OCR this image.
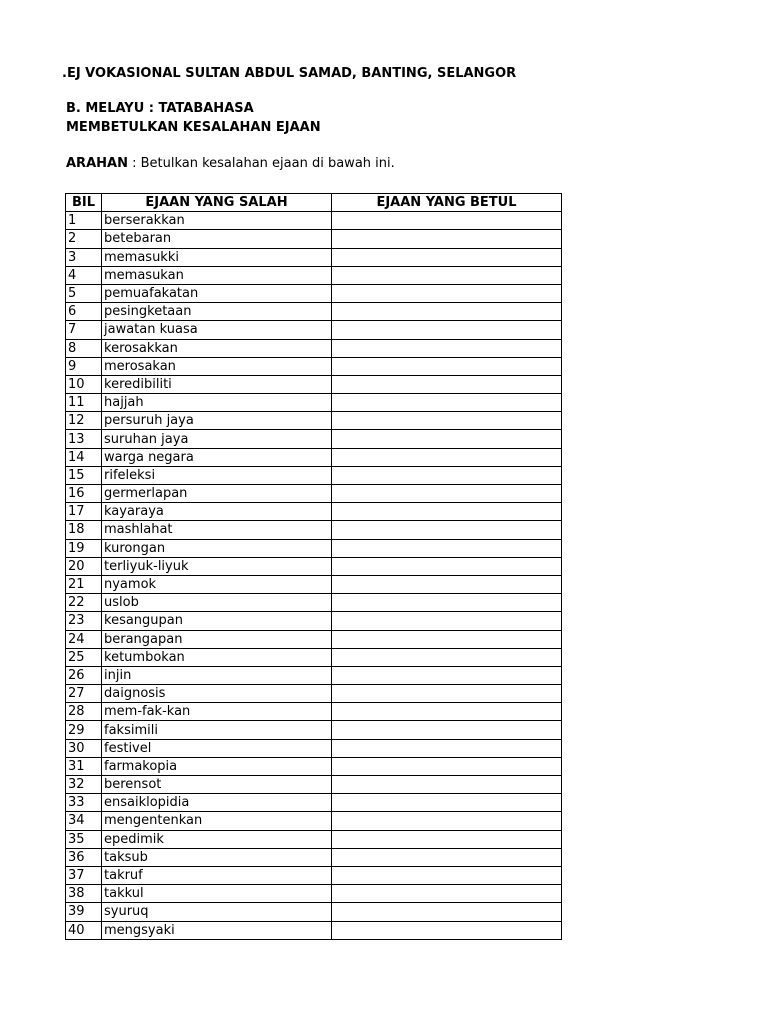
.EJ VOKASIONAL SULTAN ABDUL SAMAD, BANTING, SELANGOR
B. MELAYU : TATABAHASA
MEMBETULKAN KESALAHAN EJAAN
ARAHAN : Betulkan kesalahan ejaan di bawah ini.
BIL	EJAAN YANG SALAH	EJAAN YANG BETUL
1	berserakkan	
2	betebaran	
3	memasukki	
4	memasukan	
5	pemuafakatan	
6	pesingketaan	
7	jawatan kuasa	
8	kerosakkan	
9	merosakan	
10	keredibiliti	
11	hajjah	
12	persuruh jaya	
13	suruhan jaya	
14	warga negara	
15	rifeleksi	
16	germerlapan	
17	kayaraya	
18	mashlahat	
19	kurongan	
20	terliyuk-liyuk	
21	nyamok	
22	uslob	
23	kesangupan	
24	berangapan	
25	ketumbokan	
26	injin	
27	daignosis	
28	mem-fak-kan	
29	faksimili	
30	festivel	
31	farmakopia	
32	berensot	
33	ensaiklopidia	
34	mengentenkan	
35	epedimik	
36	taksub	
37	takruf	
38	takkul	
39	syuruq	
40	mengsyaki	
